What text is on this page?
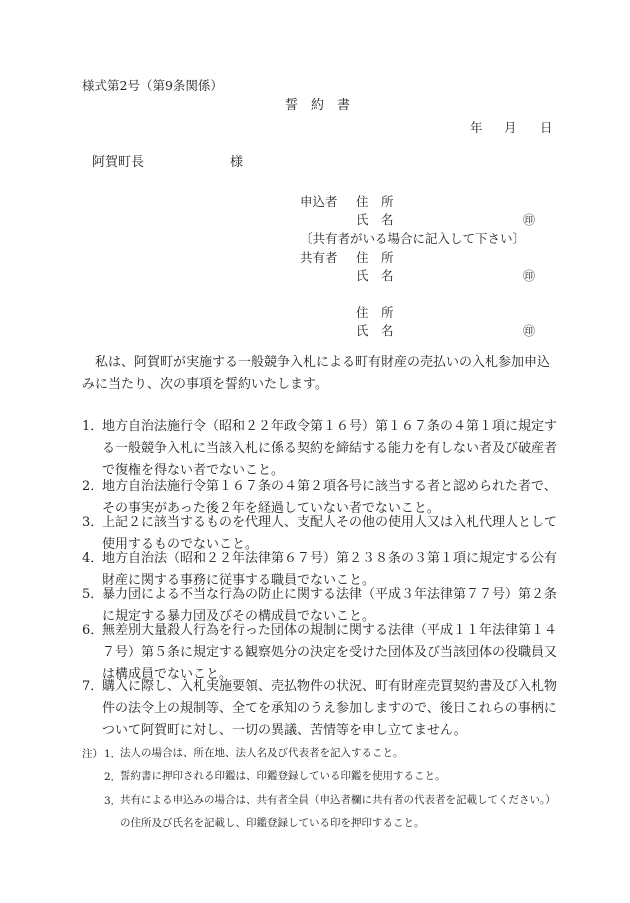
様式第2号（第9条関係）
誓　約　書
年 月 日
阿賀町長	様
申込者 住　所
氏　名	㊞
〔共有者がいる場合に記入して下さい〕
共有者 住　所
氏　名	㊞
住　所
氏　名	㊞
私は、阿賀町が実施する一般競争入札による町有財産の売払いの入札参加申込みに当たり、次の事項を誓約いたします。
1．
地方自治法施行令（昭和２２年政令第１６号）第１６７条の４第１項に規定する一般競争入札に当該入札に係る契約を締結する能力を有しない者及び破産者で復権を得ない者でないこと。
2．
地方自治法施行令第１６７条の４第２項各号に該当する者と認められた者で、その事実があった後２年を経過していない者でないこと。
3．
上記２に該当するものを代理人、支配人その他の使用人又は入札代理人として使用するものでないこと。
4．
地方自治法（昭和２２年法律第６７号）第２３８条の３第１項に規定する公有財産に関する事務に従事する職員でないこと。
5．
暴力団による不当な行為の防止に関する法律（平成３年法律第７７号）第２条に規定する暴力団及びその構成員でないこと。
6．
無差別大量殺人行為を行った団体の規制に関する法律（平成１１年法律第１４７号）第５条に規定する観察処分の決定を受けた団体及び当該団体の役職員又は構成員でないこと。
7．
購入に際し、入札実施要領、売払物件の状況、町有財産売買契約書及び入札物件の法令上の規制等、全てを承知のうえ参加しますので、後日これらの事柄について阿賀町に対し、一切の異議、苦情等を申し立てません。
注） 1．
法人の場合は、所在地、法人名及び代表者を記入すること。
2．
誓約書に押印される印鑑は、印鑑登録している印鑑を使用すること。
3．
共有による申込みの場合は、共有者全員（申込者欄に共有者の代表者を記載してください。）の住所及び氏名を記載し、印鑑登録している印を押印すること。
